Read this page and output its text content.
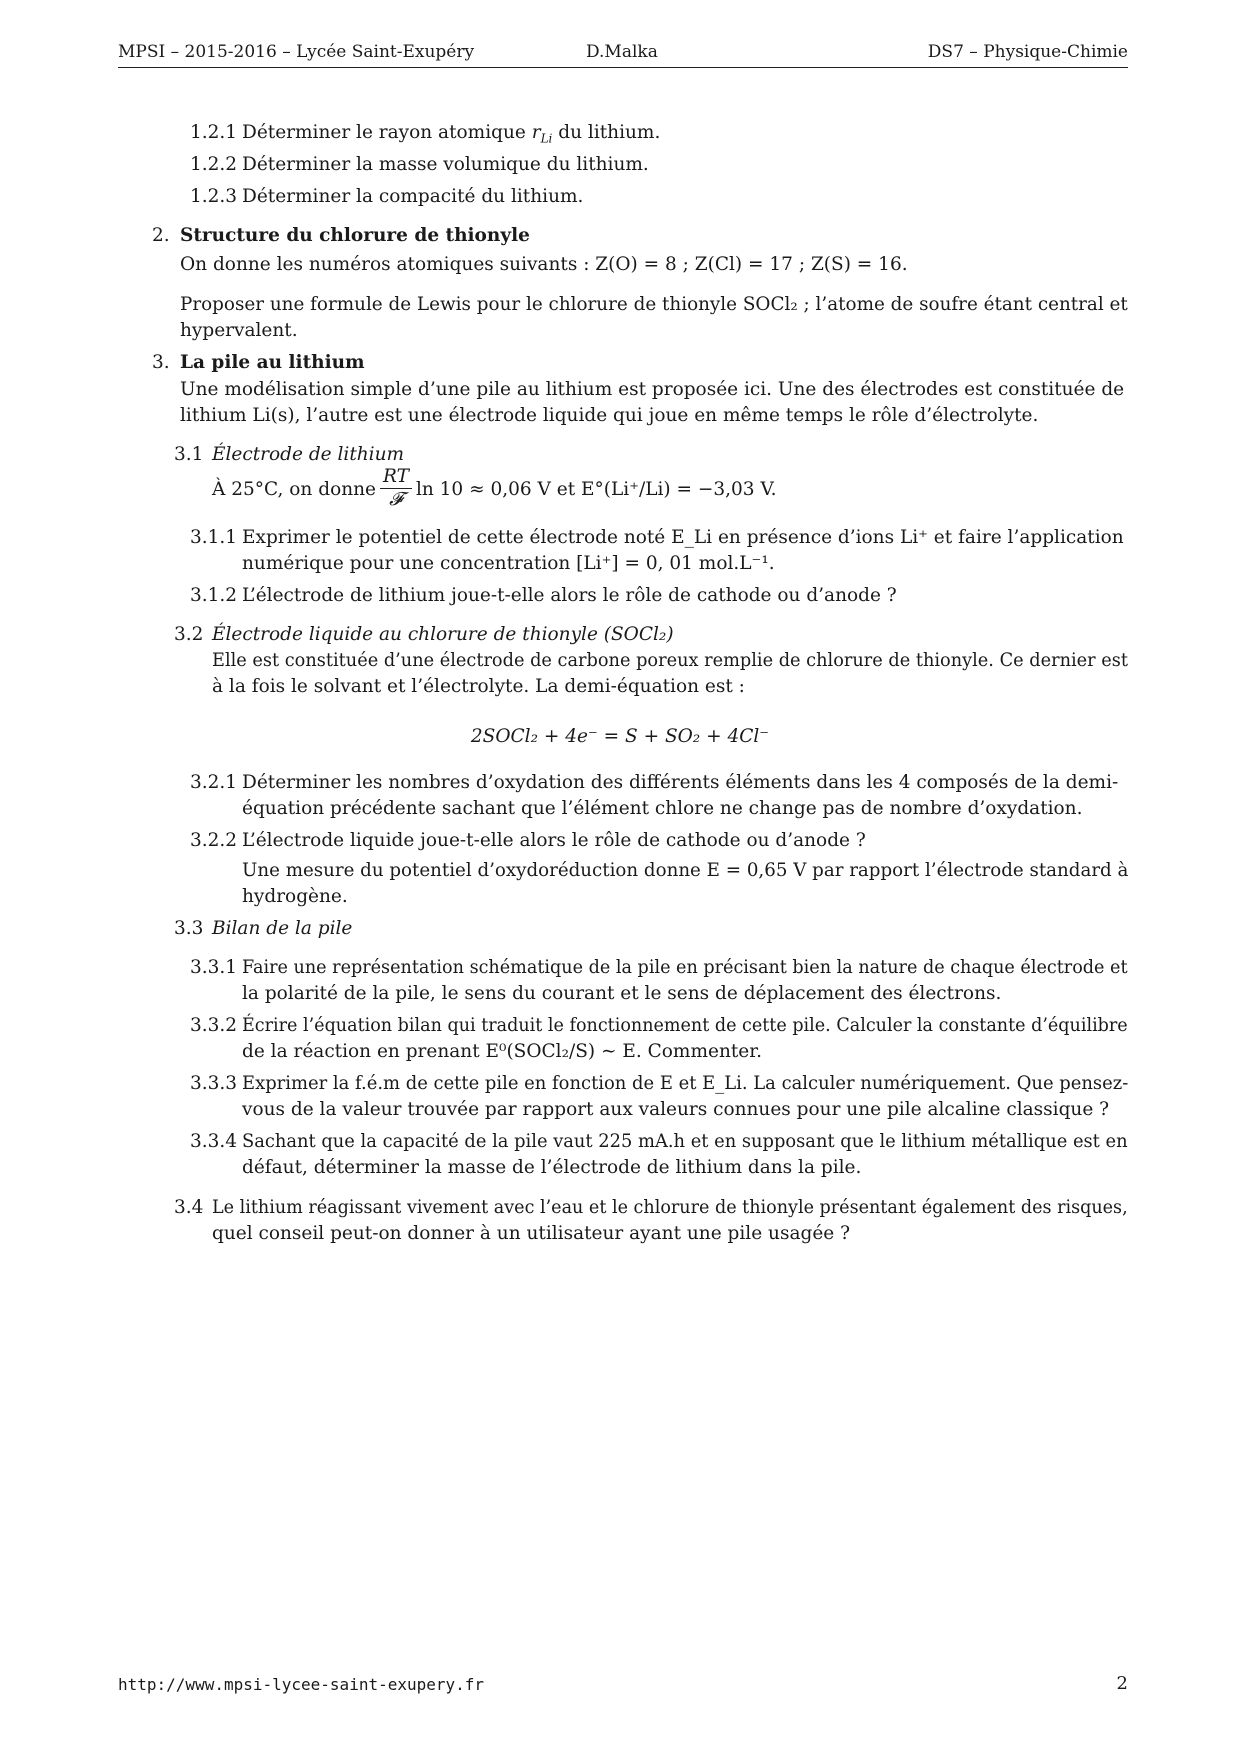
MPSI – 2015-2016 – Lycée Saint-Exupéry	D.Malka	DS7 – Physique-Chimie
1.2.1 Déterminer le rayon atomique $r_{Li}$ du lithium.
1.2.2 Déterminer la masse volumique du lithium.
1.2.3 Déterminer la compacité du lithium.
2. Structure du chlorure de thionyle
On donne les numéros atomiques suivants : Z(O) = 8 ; Z(Cl) = 17 ; Z(S) = 16.
Proposer une formule de Lewis pour le chlorure de thionyle SOCl₂ ; l’atome de soufre étant central et
hypervalent.
3. La pile au lithium
Une modélisation simple d’une pile au lithium est proposée ici. Une des électrodes est constituée de
lithium Li(s), l’autre est une électrode liquide qui joue en même temps le rôle d’électrolyte.
3.1 Électrode de lithium
À 25°C, on donne $\frac{RT}{\text{𝓕}}$ ln 10 ≈ 0,06 V et E°(Li⁺/Li) = −3,03 V.
3.1.1 Exprimer le potentiel de cette électrode noté E_Li en présence d’ions Li⁺ et faire l’application
numérique pour une concentration [Li⁺] = 0, 01 mol.L⁻¹.
3.1.2 L’électrode de lithium joue-t-elle alors le rôle de cathode ou d’anode ?
3.2 Électrode liquide au chlorure de thionyle (SOCl₂)
Elle est constituée d’une électrode de carbone poreux remplie de chlorure de thionyle. Ce dernier est
à la fois le solvant et l’électrolyte. La demi-équation est :
2SOCl₂ + 4e⁻ = S + SO₂ + 4Cl⁻
3.2.1 Déterminer les nombres d’oxydation des différents éléments dans les 4 composés de la demi-
équation précédente sachant que l’élément chlore ne change pas de nombre d’oxydation.
3.2.2 L’électrode liquide joue-t-elle alors le rôle de cathode ou d’anode ?
Une mesure du potentiel d’oxydoréduction donne E = 0,65 V par rapport l’électrode standard à
hydrogène.
3.3 Bilan de la pile
3.3.1 Faire une représentation schématique de la pile en précisant bien la nature de chaque électrode et
la polarité de la pile, le sens du courant et le sens de déplacement des électrons.
3.3.2 Écrire l’équation bilan qui traduit le fonctionnement de cette pile. Calculer la constante d’équilibre
de la réaction en prenant E⁰(SOCl₂/S) ∼ E. Commenter.
3.3.3 Exprimer la f.é.m de cette pile en fonction de E et E_Li. La calculer numériquement. Que pensez-
vous de la valeur trouvée par rapport aux valeurs connues pour une pile alcaline classique ?
3.3.4 Sachant que la capacité de la pile vaut 225 mA.h et en supposant que le lithium métallique est en
défaut, déterminer la masse de l’électrode de lithium dans la pile.
3.4 Le lithium réagissant vivement avec l’eau et le chlorure de thionyle présentant également des risques,
quel conseil peut-on donner à un utilisateur ayant une pile usagée ?
http://www.mpsi-lycee-saint-exupery.fr	2
